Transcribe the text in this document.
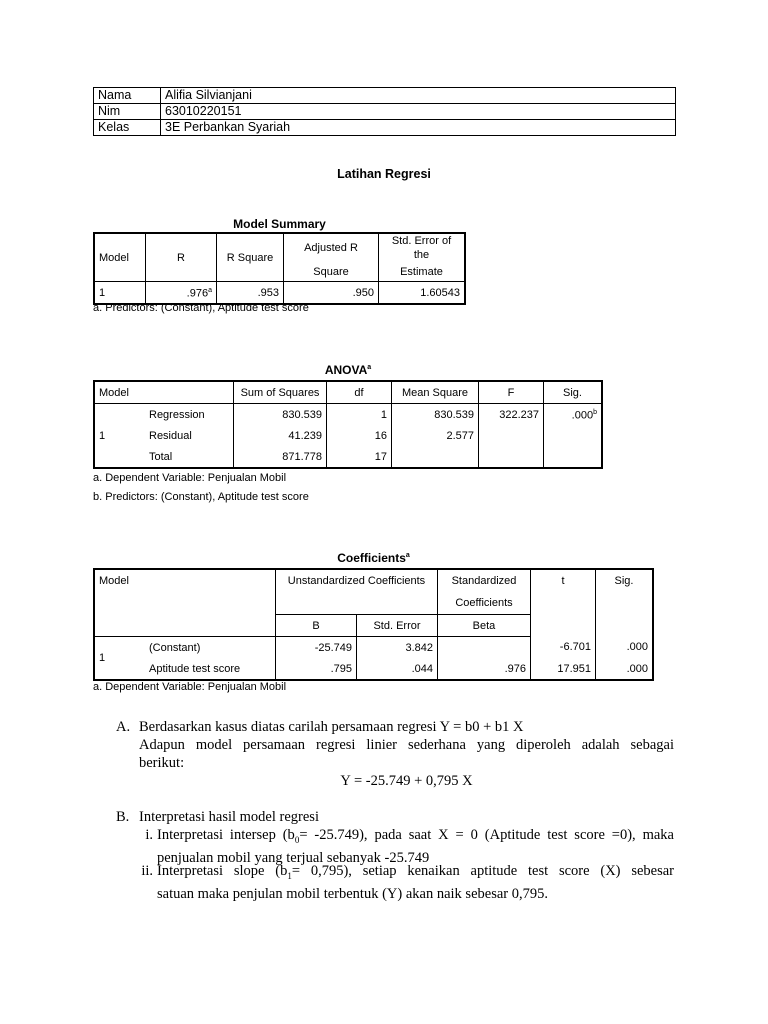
Nama	Alifia Silvianjani
Nim	63010220151
Kelas	3E Perbankan Syariah
Latihan Regresi
Model Summary
Model	R	R Square	Adjusted R	Std. Error of the
			Square	Estimate
1	.976$^a$	.953	.950	1.60543
a. Predictors: (Constant), Aptitude test score
ANOVA$^a$
Model		Sum of Squares	df	Mean Square	F	Sig.
1	Regression	830.539	1	830.539	322.237	.000$^b$
	Residual	41.239	16	2.577		
	Total	871.778	17			
a. Dependent Variable: Penjualan Mobil
b. Predictors: (Constant), Aptitude test score
Coefficients$^a$
Model		Unstandardized Coefficients		Standardized	t	Sig.
				Coefficients		
		B	Std. Error	Beta		
1	(Constant)	-25.749	3.842		-6.701	.000
	Aptitude test score	.795	.044	.976	17.951	.000
a. Dependent Variable: Penjualan Mobil
A. Berdasarkan kasus diatas carilah persamaan regresi Y = b0 + b1 X
Adapun model persamaan regresi linier sederhana yang diperoleh adalah sebagai
berikut:
Y = -25.749 + 0,795 X
B. Interpretasi hasil model regresi
i. Interpretasi intersep $(b_0= -25.749)$, pada saat X = 0 (Aptitude test score =0), maka
penjualan mobil yang terjual sebanyak -25.749
ii. Interpretasi slope $(b_1= 0,795)$, setiap kenaikan aptitude test score (X) sebesar
satuan maka penjulan mobil terbentuk (Y) akan naik sebesar 0,795.
